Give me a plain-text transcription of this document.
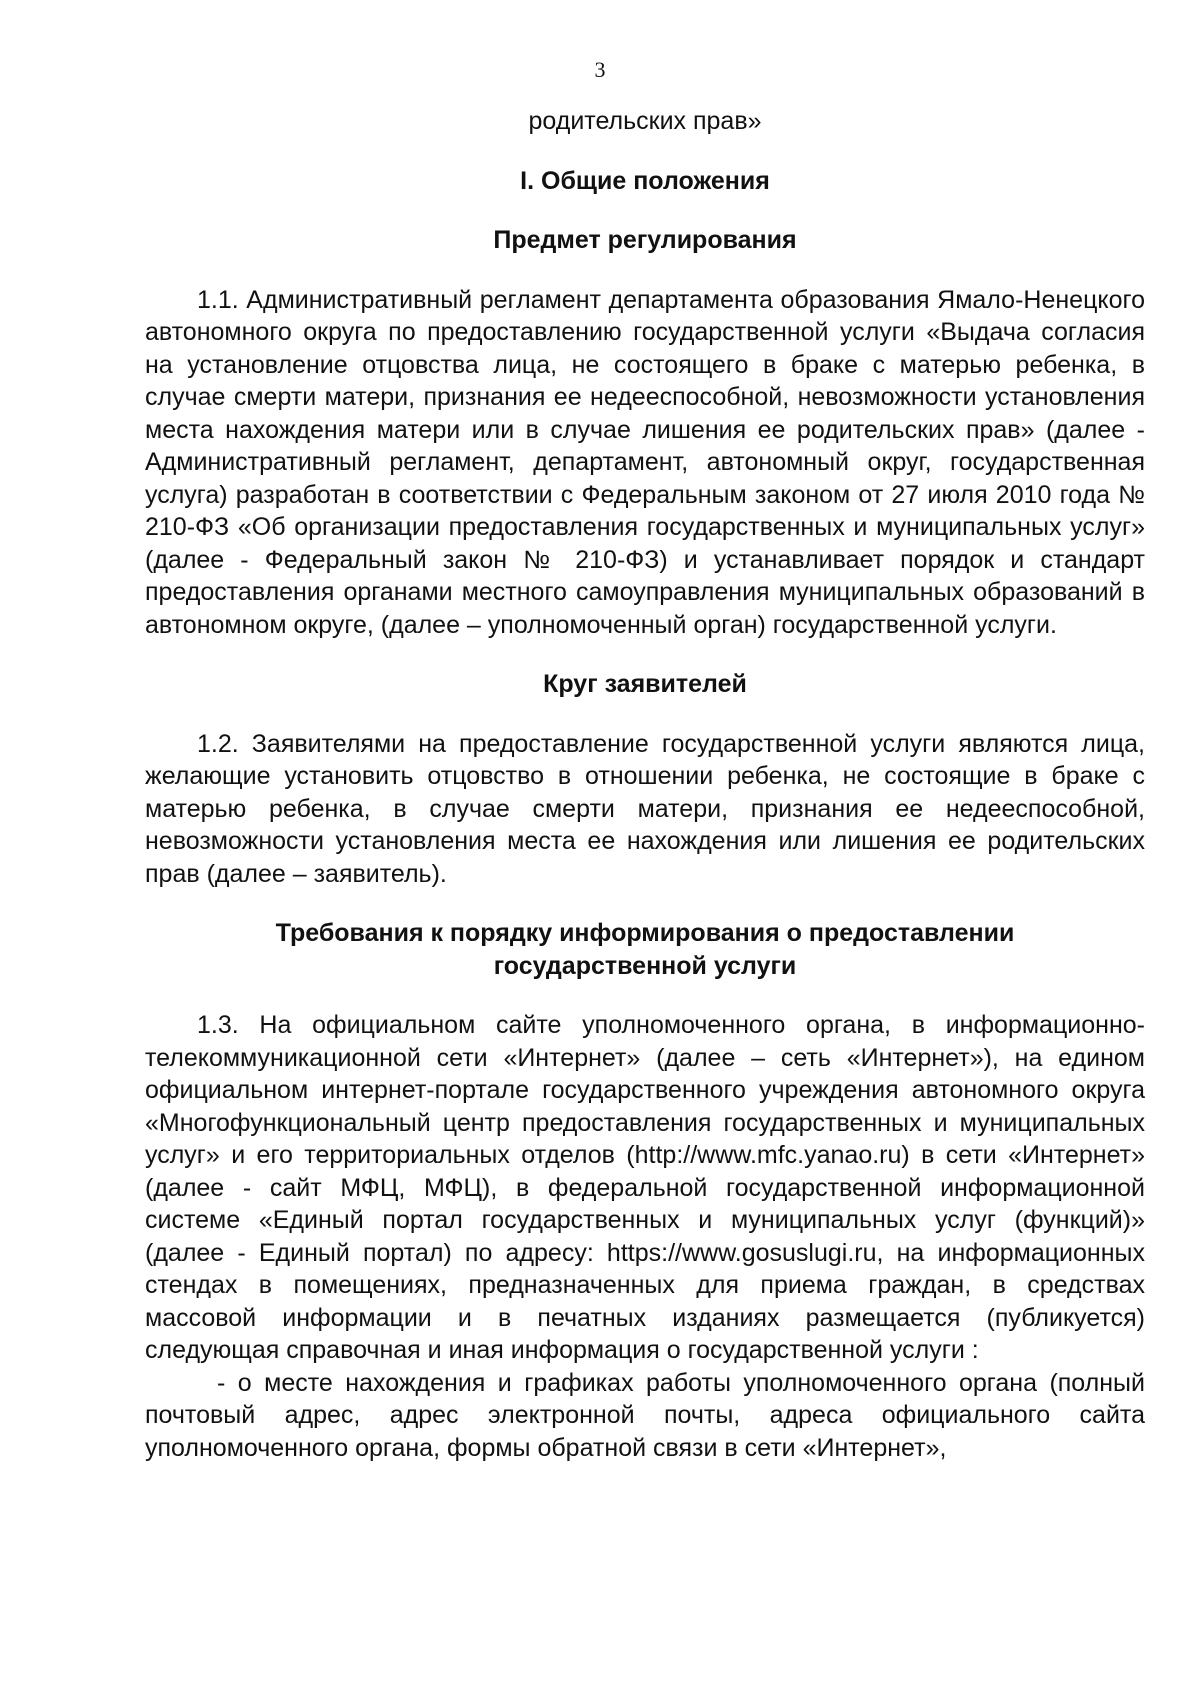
3
родительских прав»
I. Общие положения
Предмет регулирования

1.1. Административный регламент департамента образования Ямало-Ненецкого автономного округа по предоставлению государственной услуги «Выдача согласия на установление отцовства лица, не состоящего в браке с матерью ребенка, в случае смерти матери, признания ее недееспособной, невозможности установления места нахождения матери или в случае лишения ее родительских прав» (далее - Административный регламент, департамент, автономный округ, государственная услуга) разработан в соответствии с Федеральным законом от 27 июля 2010 года № 210-ФЗ «Об организации предоставления государственных и муниципальных услуг» (далее - Федеральный закон № 210-ФЗ) и устанавливает порядок и стандарт предоставления органами местного самоуправления муниципальных образований в автономном округе, (далее – уполномоченный орган) государственной услуги.

Круг заявителей

1.2. Заявителями на предоставление государственной услуги являются лица, желающие установить отцовство в отношении ребенка, не состоящие в браке с матерью ребенка, в случае смерти матери, признания ее недееспособной, невозможности установления места ее нахождения или лишения ее родительских прав (далее – заявитель).

Требования к порядку информирования о предоставлении
государственной услуги

1.3. На официальном сайте уполномоченного органа, в информационно-телекоммуникационной сети «Интернет» (далее – сеть «Интернет»), на едином официальном интернет-портале государственного учреждения автономного округа «Многофункциональный центр предоставления государственных и муниципальных услуг» и его территориальных отделов (http://www.mfc.yanao.ru) в сети «Интернет» (далее - сайт МФЦ, МФЦ), в федеральной государственной информационной системе «Единый портал государственных и муниципальных услуг (функций)» (далее - Единый портал) по адресу: https://www.gosuslugi.ru, на информационных стендах в помещениях, предназначенных для приема граждан, в средствах массовой информации и в печатных изданиях размещается (публикуется) следующая справочная и иная информация о государственной услуги :

- о месте нахождения и графиках работы уполномоченного органа (полный почтовый адрес, адрес электронной почты, адреса официального сайта уполномоченного органа, формы обратной связи в сети «Интернет»,
